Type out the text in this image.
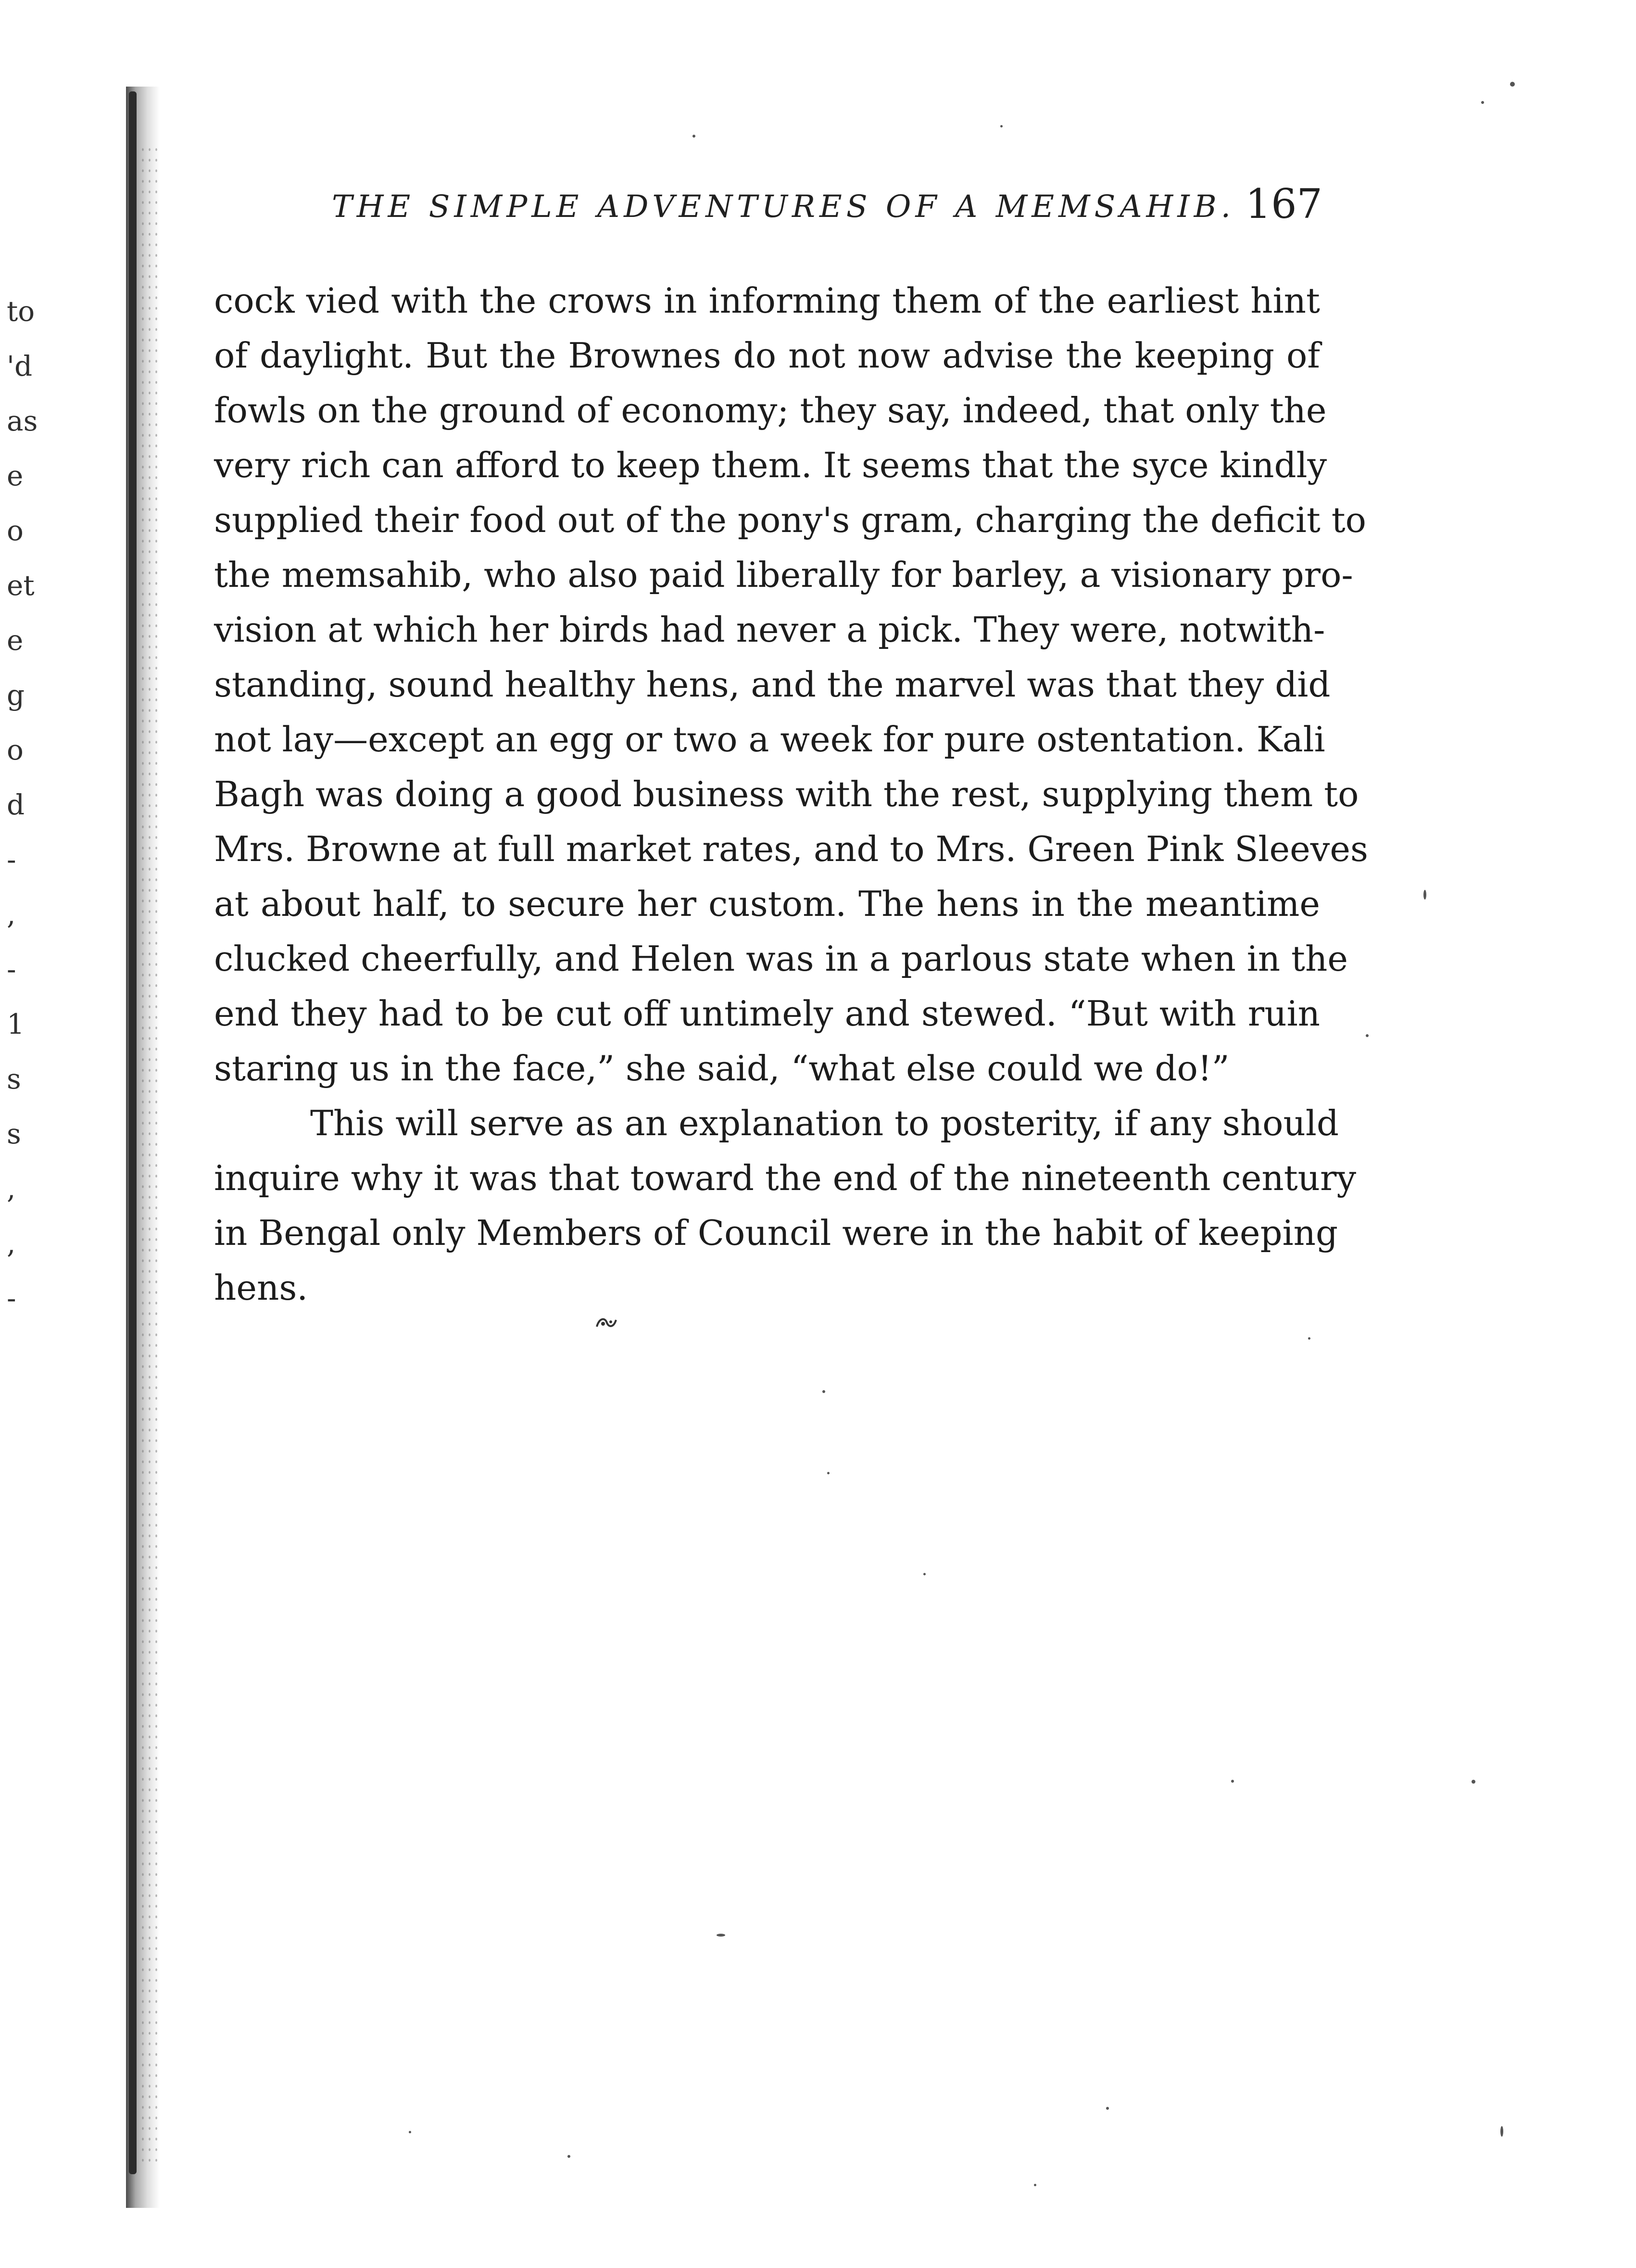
to
'd
as
e
o
et
e
g
o
d
-
,
-
1
s
s
,
,
-
THE SIMPLE ADVENTURES OF A MEMSAHIB. 167
cock vied with the crows in informing them of the earliest hint
of daylight. But the Brownes do not now advise the keeping of
fowls on the ground of economy; they say, indeed, that only the
very rich can afford to keep them. It seems that the syce kindly
supplied their food out of the pony's gram, charging the deficit to
the memsahib, who also paid liberally for barley, a visionary pro-
vision at which her birds had never a pick. They were, notwith-
standing, sound healthy hens, and the marvel was that they did
not lay—except an egg or two a week for pure ostentation. Kali
Bagh was doing a good business with the rest, supplying them to
Mrs. Browne at full market rates, and to Mrs. Green Pink Sleeves
at about half, to secure her custom. The hens in the meantime
clucked cheerfully, and Helen was in a parlous state when in the
end they had to be cut off untimely and stewed. “But with ruin
staring us in the face,” she said, “what else could we do!”
This will serve as an explanation to posterity, if any should
inquire why it was that toward the end of the nineteenth century
in Bengal only Members of Council were in the habit of keeping
hens.
